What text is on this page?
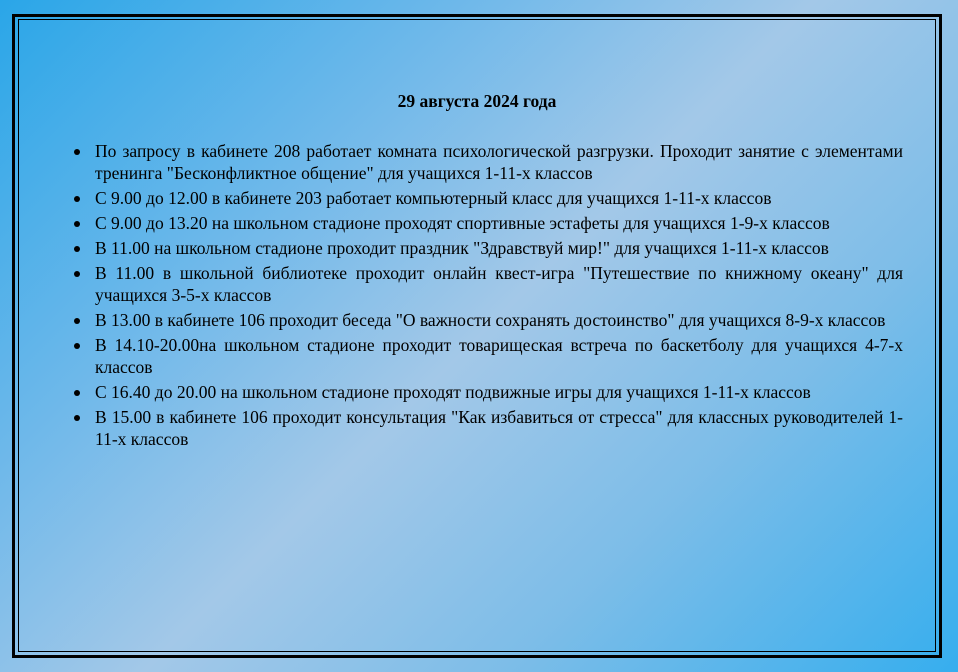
29 августа 2024 года
По запросу в кабинете 208 работает комната психологической разгрузки. Проходит занятие с элементами тренинга "Бесконфликтное общение" для учащихся 1-11-х классов
С 9.00 до 12.00 в кабинете 203 работает компьютерный класс для учащихся 1-11-х классов
С 9.00 до 13.20 на школьном стадионе проходят спортивные эстафеты для учащихся 1-9-х классов
В 11.00 на школьном стадионе проходит праздник "Здравствуй мир!" для учащихся 1-11-х классов
В 11.00 в школьной библиотеке проходит онлайн квест-игра "Путешествие по книжному океану" для учащихся 3-5-х классов
В 13.00 в кабинете 106 проходит беседа "О важности сохранять достоинство" для учащихся 8-9-х классов
В 14.10-20.00на школьном стадионе проходит товарищеская встреча по баскетболу для учащихся 4-7-х классов
С 16.40 до 20.00 на школьном стадионе проходят подвижные игры для учащихся 1-11-х классов
В 15.00 в кабинете 106 проходит консультация "Как избавиться от стресса" для классных руководителей 1-11-х классов
